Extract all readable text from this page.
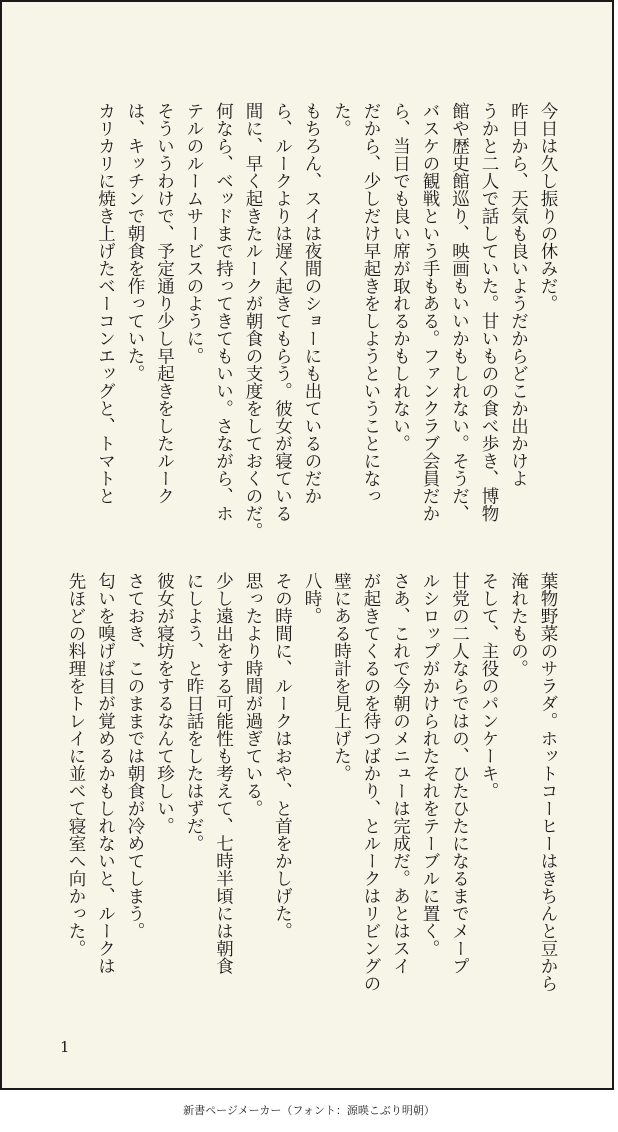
今日は久し振りの休みだ。

昨日から、天気も良いようだからどこか出かけよ

うかと二人で話していた。甘いものの食べ歩き、博物

館や歴史館巡り、映画もいいかもしれない。そうだ、

バスケの観戦という手もある。ファンクラブ会員だか

ら、当日でも良い席が取れるかもしれない。

だから、少しだけ早起きをしようということになっ

た。

もちろん、スイは夜間のショーにも出ているのだか

ら、ルークよりは遅く起きてもらう。彼女が寝ている

間に、早く起きたルークが朝食の支度をしておくのだ。

何なら、ベッドまで持ってきてもいい。さながら、ホ

テルのルームサービスのように。

そういうわけで、予定通り少し早起きをしたルーク

は、キッチンで朝食を作っていた。

カリカリに焼き上げたベーコンエッグと、トマトと

葉物野菜のサラダ。ホットコーヒーはきちんと豆から

淹れたもの。

そして、主役のパンケーキ。

甘党の二人ならではの、ひたひたになるまでメープ

ルシロップがかけられたそれをテーブルに置く。

さあ、これで今朝のメニューは完成だ。あとはスイ

が起きてくるのを待つばかり、とルークはリビングの

壁にある時計を見上げた。

八時。

その時間に、ルークはおや、と首をかしげた。

思ったより時間が過ぎている。

少し遠出をする可能性も考えて、七時半頃には朝食

にしよう、と昨日話をしたはずだ。

彼女が寝坊をするなんて珍しい。

さておき、このままでは朝食が冷めてしまう。

匂いを嗅げば目が覚めるかもしれないと、ルークは

先ほどの料理をトレイに並べて寝室へ向かった。

1
新書ページメーカー（フォント：源暎こぶり明朝）
